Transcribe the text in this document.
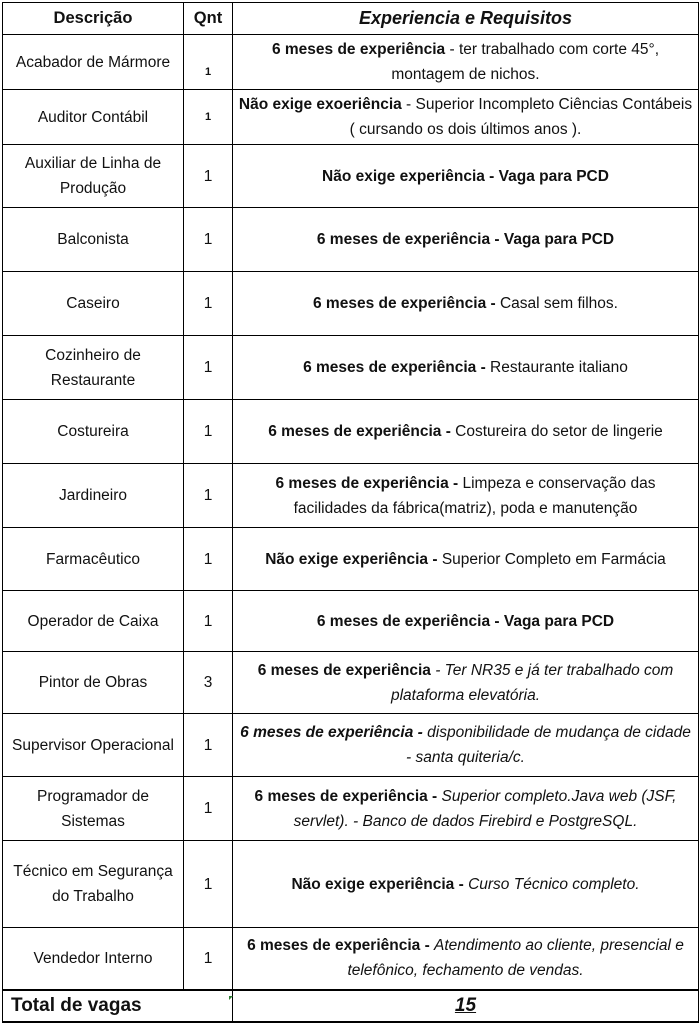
Descrição	Qnt	Experiencia e Requisitos
Acabador de Mármore	1	6 meses de experiência - ter trabalhado com corte 45°, montagem de nichos.
Auditor Contábil	1	Não exige exoeriência - Superior Incompleto Ciências Contábeis ( cursando os dois últimos anos ).
Auxiliar de Linha de Produção	1	Não exige experiência - Vaga para PCD
Balconista	1	6 meses de experiência - Vaga para PCD
Caseiro	1	6 meses de experiência - Casal sem filhos.
Cozinheiro de Restaurante	1	6 meses de experiência - Restaurante italiano
Costureira	1	6 meses de experiência - Costureira do setor de lingerie
Jardineiro	1	6 meses de experiência - Limpeza e conservação das facilidades da fábrica(matriz), poda e manutenção
Farmacêutico	1	Não exige experiência - Superior Completo em Farmácia
Operador de Caixa	1	6 meses de experiência - Vaga para PCD
Pintor de Obras	3	6 meses de experiência - Ter NR35 e já ter trabalhado com plataforma elevatória.
Supervisor Operacional	1	6 meses de experiência - disponibilidade de mudança de cidade - santa quiteria/c.
Programador de Sistemas	1	6 meses de experiência - Superior completo.Java web (JSF, servlet). - Banco de dados Firebird e PostgreSQL.
Técnico em Segurança do Trabalho	1	Não exige experiência - Curso Técnico completo.
Vendedor Interno	1	6 meses de experiência - Atendimento ao cliente, presencial e telefônico, fechamento de vendas.
Total de vagas		15
